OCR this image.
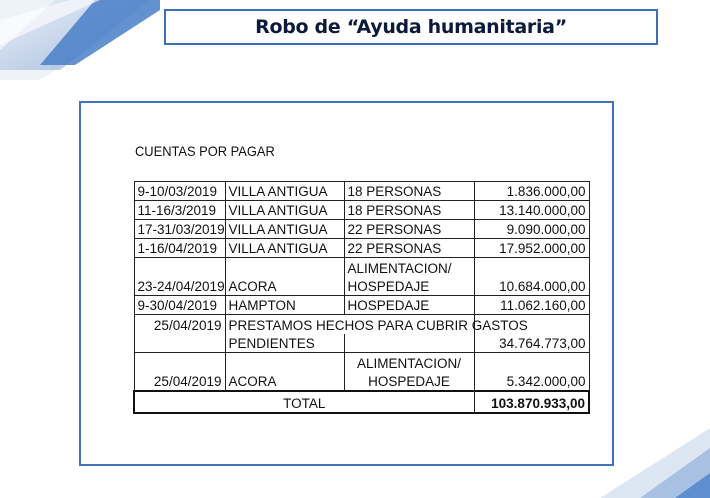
Robo de “Ayuda humanitaria”
CUENTAS POR PAGAR
9-10/03/2019	VILLA ANTIGUA	18 PERSONAS	1.836.000,00
11-16/3/2019	VILLA ANTIGUA	18 PERSONAS	13.140.000,00
17-31/03/2019	VILLA ANTIGUA	22 PERSONAS	9.090.000,00
1-16/04/2019	VILLA ANTIGUA	22 PERSONAS	17.952.000,00
		ALIMENTACION/	
23-24/04/2019	ACORA	HOSPEDAJE	10.684.000,00
9-30/04/2019	HAMPTON	HOSPEDAJE	11.062.160,00
25/04/2019	PRESTAMOS HECHOS PARA CUBRIR GASTOS		
	PENDIENTES		34.764.773,00
		ALIMENTACION/	
25/04/2019	ACORA	HOSPEDAJE	5.342.000,00
TOTAL			103.870.933,00
